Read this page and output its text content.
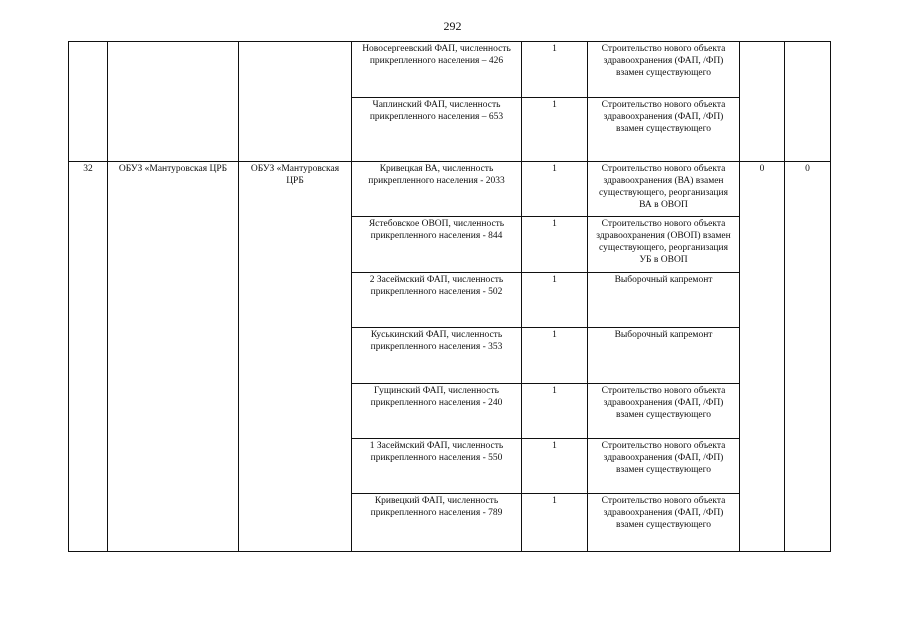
292
			Новосергеевский ФАП, численность прикрепленного населения – 426	1	Строительство нового объекта здравоохранения (ФАП, /ФП) взамен существующего		
			Чаплинский ФАП, численность прикрепленного населения – 653	1	Строительство нового объекта здравоохранения (ФАП, /ФП) взамен существующего		
32	ОБУЗ «Мантуровская ЦРБ	ОБУЗ «Мантуровская ЦРБ	Кривецкая ВА, численность прикрепленного населения - 2033	1	Строительство нового объекта здравоохранения (ВА) взамен существующего, реорганизация ВА в ОВОП	0	0
			Ястебовское ОВОП, численность прикрепленного населения - 844	1	Строительство нового объекта здравоохранения (ОВОП) взамен существующего, реорганизация УБ в ОВОП		
			2 Засеймский ФАП, численность прикрепленного населения - 502	1	Выборочный капремонт		
			Куськинский ФАП, численность прикрепленного населения - 353	1	Выборочный капремонт		
			Гущинский ФАП, численность прикрепленного населения - 240	1	Строительство нового объекта здравоохранения (ФАП, /ФП) взамен существующего		
			1 Засеймский ФАП, численность прикрепленного населения - 550	1	Строительство нового объекта здравоохранения (ФАП, /ФП) взамен существующего		
			Кривецкий ФАП, численность прикрепленного населения - 789	1	Строительство нового объекта здравоохранения (ФАП, /ФП) взамен существующего		
